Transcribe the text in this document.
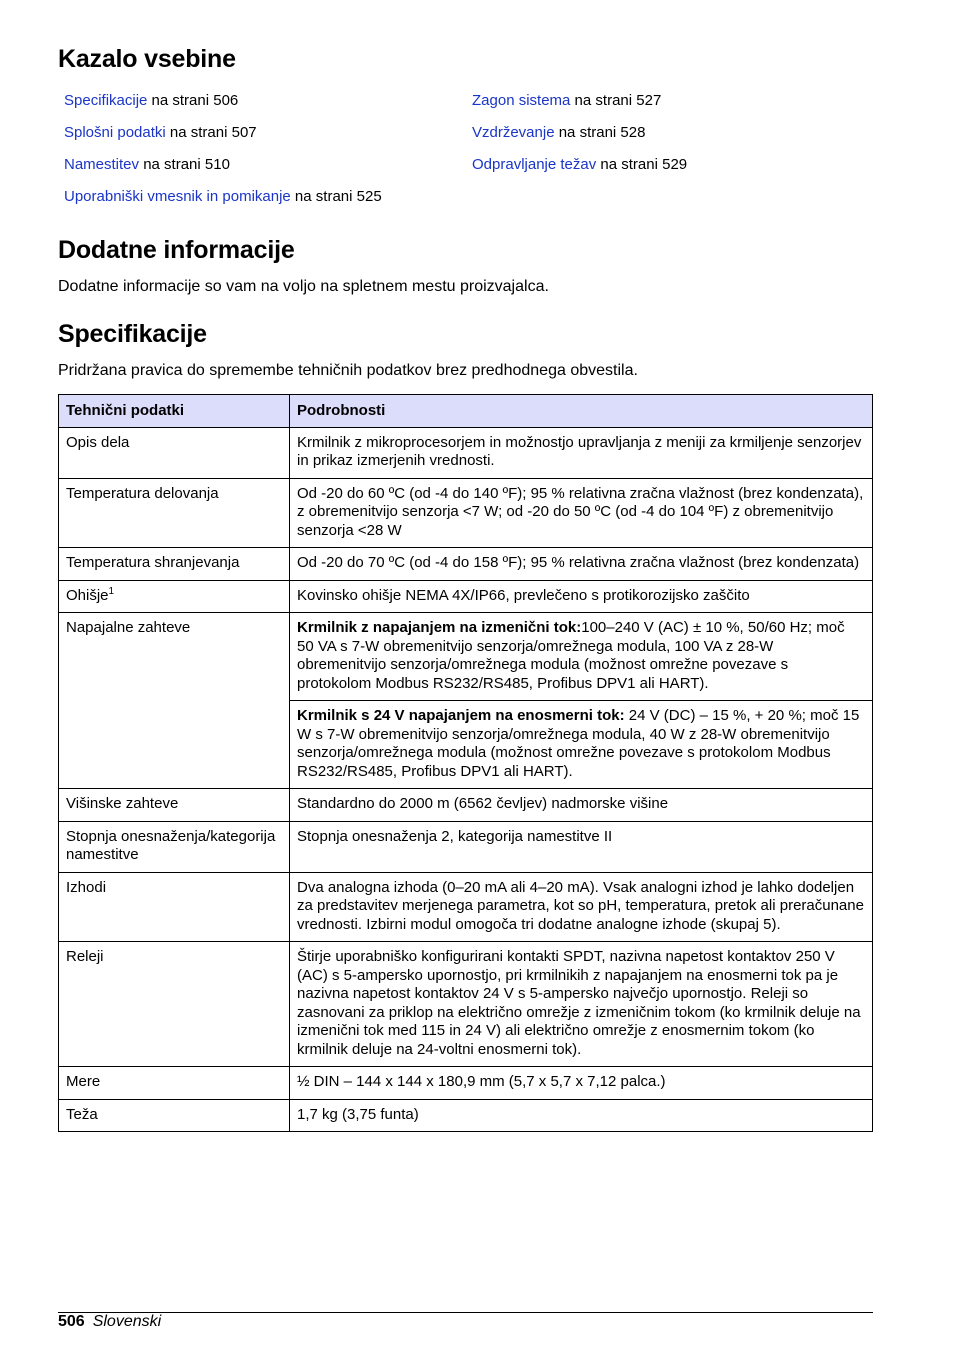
Kazalo vsebine
Specifikacije na strani 506
Splošni podatki na strani 507
Namestitev na strani 510
Uporabniški vmesnik in pomikanje na strani 525
Zagon sistema na strani 527
Vzdrževanje na strani 528
Odpravljanje težav na strani 529
Dodatne informacije
Dodatne informacije so vam na voljo na spletnem mestu proizvajalca.
Specifikacije
Pridržana pravica do spremembe tehničnih podatkov brez predhodnega obvestila.
Tehnični podatki	Podrobnosti
Opis dela	Krmilnik z mikroprocesorjem in možnostjo upravljanja z meniji za krmiljenje senzorjev in prikaz izmerjenih vrednosti.
Temperatura delovanja	Od -20 do 60 ºC (od -4 do 140 ºF); 95 % relativna zračna vlažnost (brez kondenzata), z obremenitvijo senzorja <7 W; od -20 do 50 ºC (od -4 do 104 ºF) z obremenitvijo senzorja <28 W
Temperatura shranjevanja	Od -20 do 70 ºC (od -4 do 158 ºF); 95 % relativna zračna vlažnost (brez kondenzata)
Ohišje$^1$	Kovinsko ohišje NEMA 4X/IP66, prevlečeno s protikorozijsko zaščito
Napajalne zahteve	Krmilnik z napajanjem na izmenični tok:100–240 V (AC) ± 10 %, 50/60 Hz; moč 50 VA s 7-W obremenitvijo senzorja/omrežnega modula, 100 VA z 28-W obremenitvijo senzorja/omrežnega modula (možnost omrežne povezave s protokolom Modbus RS232/RS485, Profibus DPV1 ali HART).
	Krmilnik s 24 V napajanjem na enosmerni tok: 24 V (DC) – 15 %, + 20 %; moč 15 W s 7-W obremenitvijo senzorja/omrežnega modula, 40 W z 28-W obremenitvijo senzorja/omrežnega modula (možnost omrežne povezave s protokolom Modbus RS232/RS485, Profibus DPV1 ali HART).
Višinske zahteve	Standardno do 2000 m (6562 čevljev) nadmorske višine
Stopnja onesnaženja/kategorija namestitve	Stopnja onesnaženja 2, kategorija namestitve II
Izhodi	Dva analogna izhoda (0–20 mA ali 4–20 mA). Vsak analogni izhod je lahko dodeljen za predstavitev merjenega parametra, kot so pH, temperatura, pretok ali preračunane vrednosti. Izbirni modul omogoča tri dodatne analogne izhode (skupaj 5).
Releji	Štirje uporabniško konfigurirani kontakti SPDT, nazivna napetost kontaktov 250 V (AC) s 5-ampersko upornostjo, pri krmilnikih z napajanjem na enosmerni tok pa je nazivna napetost kontaktov 24 V s 5-ampersko največjo upornostjo. Releji so zasnovani za priklop na električno omrežje z izmeničnim tokom (ko krmilnik deluje na izmenični tok med 115 in 24 V) ali električno omrežje z enosmernim tokom (ko krmilnik deluje na 24-voltni enosmerni tok).
Mere	½ DIN – 144 x 144 x 180,9 mm (5,7 x 5,7 x 7,12 palca.)
Teža	1,7 kg (3,75 funta)
506 Slovenski
